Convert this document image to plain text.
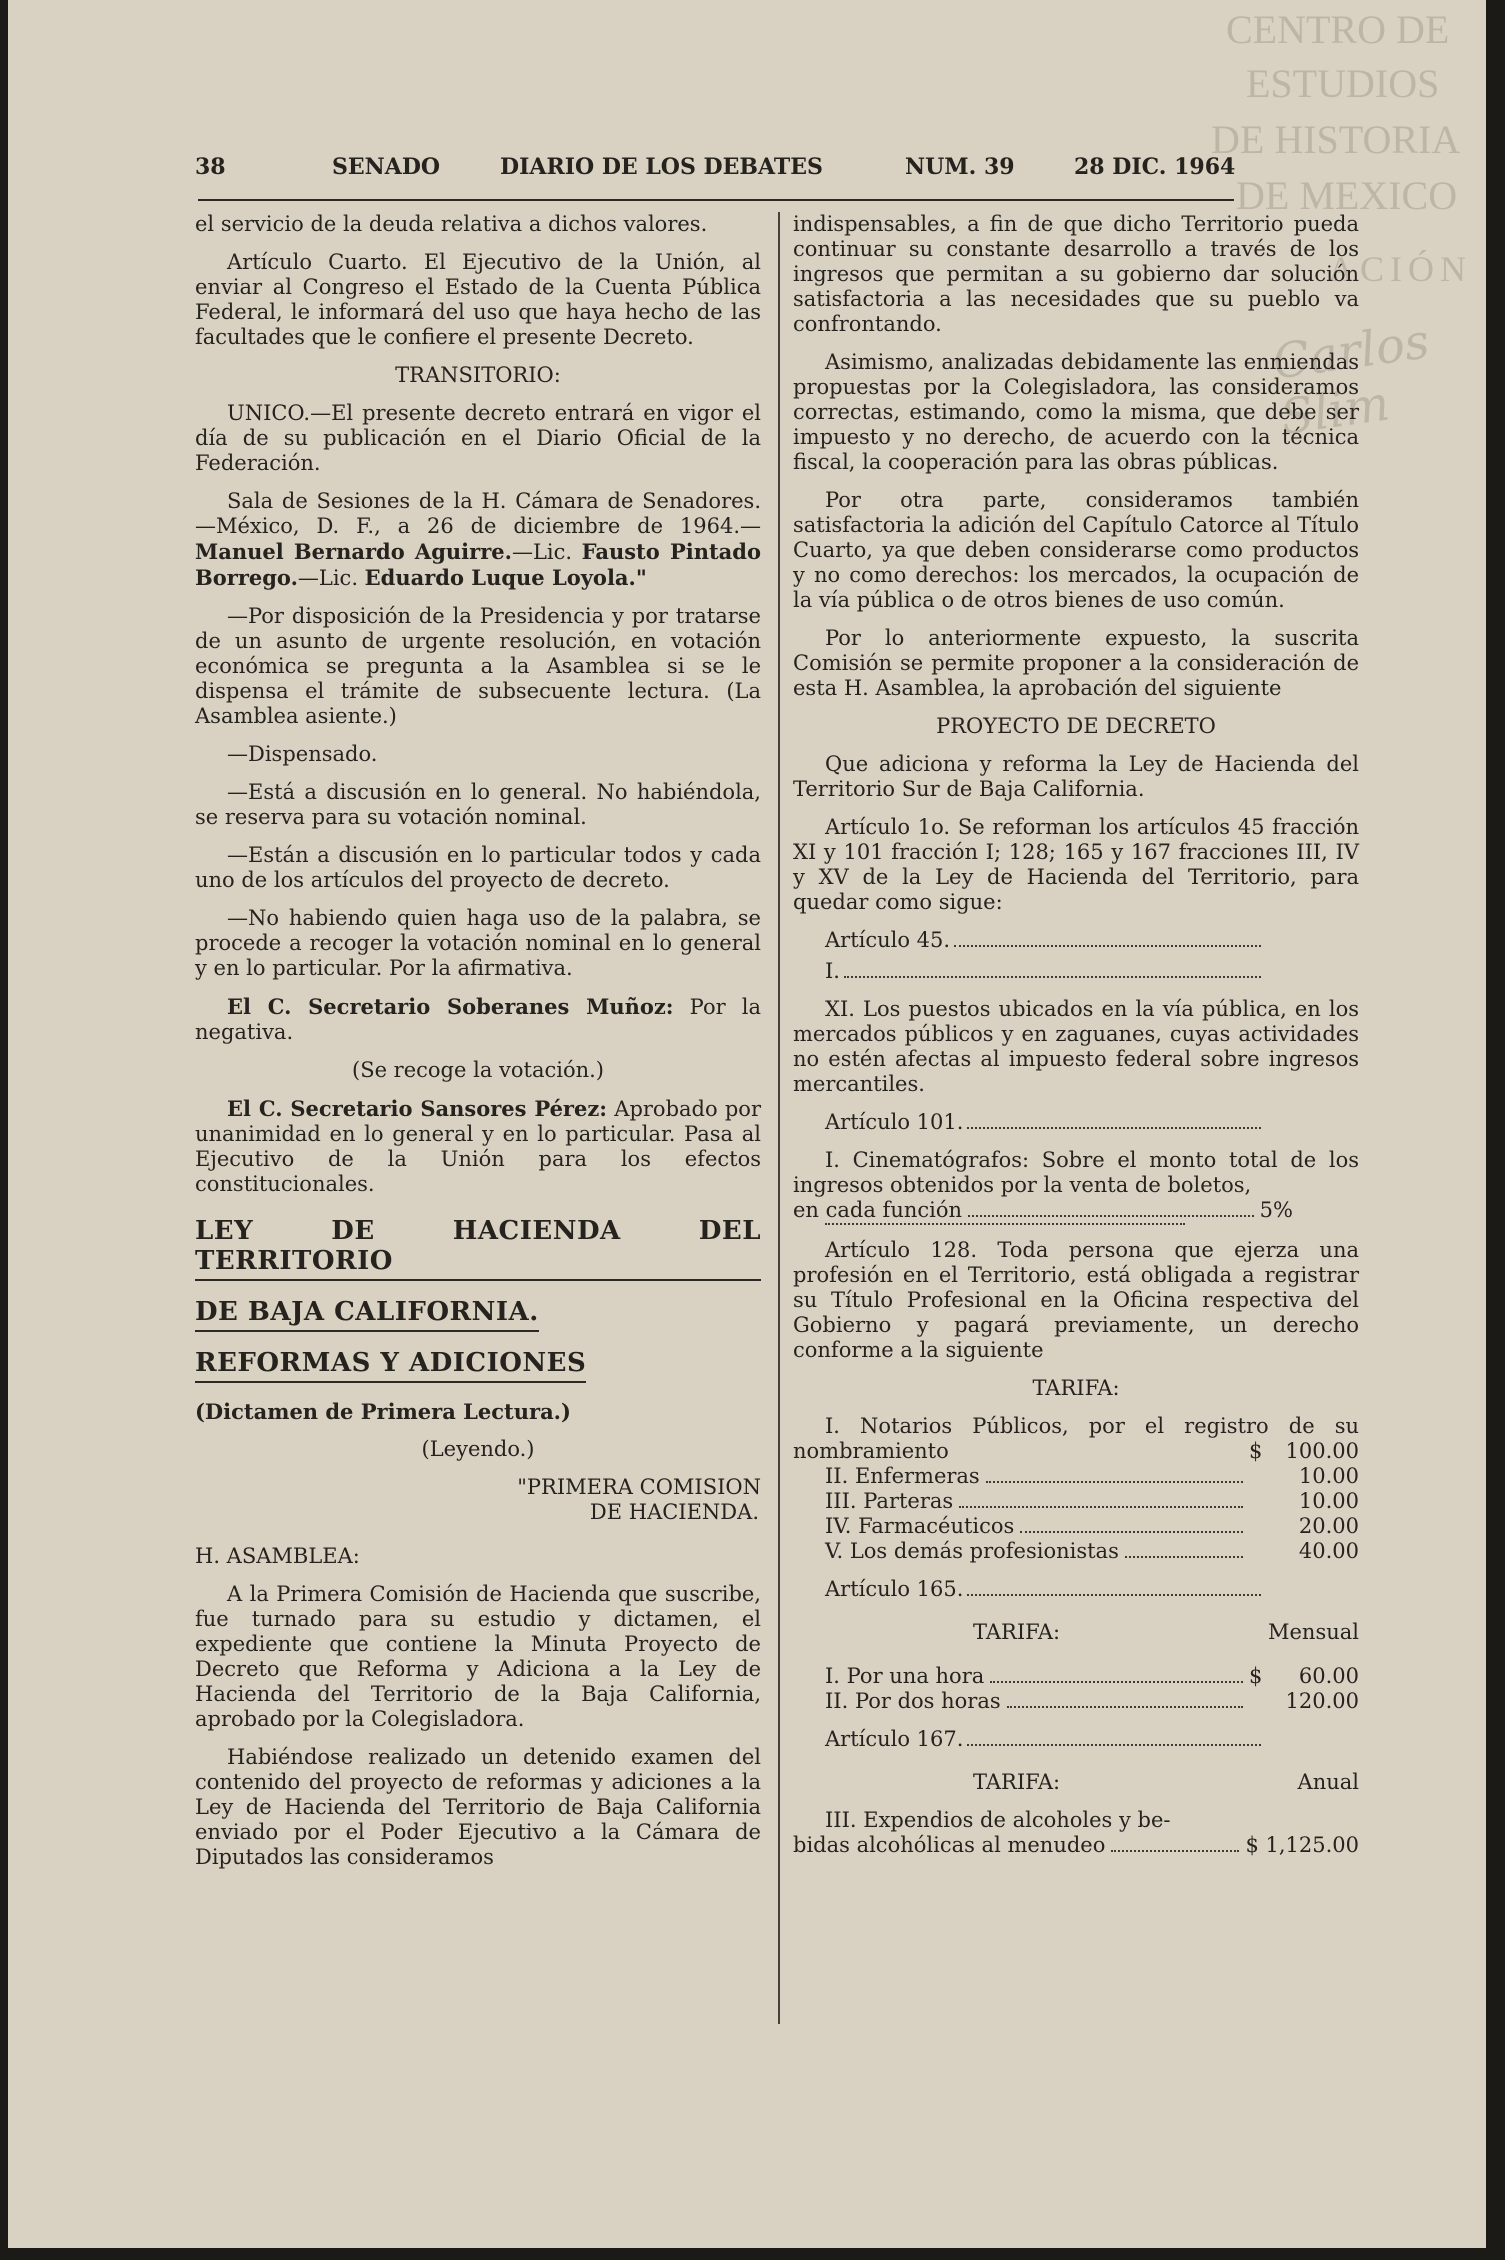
CENTRO DE
ESTUDIOS
DE HISTORIA
DE MEXICO
ACIÓN
Carlos Slim
38	SENADO	DIARIO DE LOS DEBATES	NUM. 39	28 DIC. 1964

el servicio de la deuda relativa a dichos valores.

Artículo Cuarto. El Ejecutivo de la Unión, al enviar al Congreso el Estado de la Cuenta Pública Federal, le informará del uso que haya hecho de las facultades que le confiere el presente Decreto.

TRANSITORIO:

UNICO.—El presente decreto entrará en vigor el día de su publicación en el Diario Oficial de la Federación.

Sala de Sesiones de la H. Cámara de Senadores.—México, D. F., a 26 de diciembre de 1964.—Manuel Bernardo Aguirre.—Lic. Fausto Pintado Borrego.—Lic. Eduardo Luque Loyola."

—Por disposición de la Presidencia y por tratarse de un asunto de urgente resolución, en votación económica se pregunta a la Asamblea si se le dispensa el trámite de subsecuente lectura. (La Asamblea asiente.)

—Dispensado.

—Está a discusión en lo general. No habiéndola, se reserva para su votación nominal.

—Están a discusión en lo particular todos y cada uno de los artículos del proyecto de decreto.

—No habiendo quien haga uso de la palabra, se procede a recoger la votación nominal en lo general y en lo particular. Por la afirmativa.

El C. Secretario Soberanes Muñoz: Por la negativa.

(Se recoge la votación.)

El C. Secretario Sansores Pérez: Aprobado por unanimidad en lo general y en lo particular. Pasa al Ejecutivo de la Unión para los efectos constitucionales.

LEY DE HACIENDA DEL TERRITORIO
DE BAJA CALIFORNIA.
REFORMAS Y ADICIONES
(Dictamen de Primera Lectura.)
(Leyendo.)
"PRIMERA COMISION
DE HACIENDA.

H. ASAMBLEA:

A la Primera Comisión de Hacienda que suscribe, fue turnado para su estudio y dictamen, el expediente que contiene la Minuta Proyecto de Decreto que Reforma y Adiciona a la Ley de Hacienda del Territorio de la Baja California, aprobado por la Colegisladora.

Habiéndose realizado un detenido examen del contenido del proyecto de reformas y adiciones a la Ley de Hacienda del Territorio de Baja California enviado por el Poder Ejecutivo a la Cámara de Diputados las consideramos

indispensables, a fin de que dicho Territorio pueda continuar su constante desarrollo a través de los ingresos que permitan a su gobierno dar solución satisfactoria a las necesidades que su pueblo va confrontando.

Asimismo, analizadas debidamente las enmiendas propuestas por la Colegisladora, las consideramos correctas, estimando, como la misma, que debe ser impuesto y no derecho, de acuerdo con la técnica fiscal, la cooperación para las obras públicas.

Por otra parte, consideramos también satisfactoria la adición del Capítulo Catorce al Título Cuarto, ya que deben considerarse como productos y no como derechos: los mercados, la ocupación de la vía pública o de otros bienes de uso común.

Por lo anteriormente expuesto, la suscrita Comisión se permite proponer a la consideración de esta H. Asamblea, la aprobación del siguiente

PROYECTO DE DECRETO

Que adiciona y reforma la Ley de Hacienda del Territorio Sur de Baja California.

Artículo 1o. Se reforman los artículos 45 fracción XI y 101 fracción I; 128; 165 y 167 fracciones III, IV y XV de la Ley de Hacienda del Territorio, para quedar como sigue:

Artículo 45.
I.

XI. Los puestos ubicados en la vía pública, en los mercados públicos y en zaguanes, cuyas actividades no estén afectas al impuesto federal sobre ingresos mercantiles.

Artículo 101.

I. Cinematógrafos: Sobre el monto total de los ingresos obtenidos por la venta de boletos,

en cada función	5%

Artículo 128. Toda persona que ejerza una profesión en el Territorio, está obligada a registrar su Título Profesional en la Oficina respectiva del Gobierno y pagará previamente, un derecho conforme a la siguiente

TARIFA:

I. Notarios Públicos, por el registro de su nombramiento	$	100.00
II. Enfermeras	10.00
III. Parteras	10.00
IV. Farmacéuticos	20.00
V. Los demás profesionistas	40.00
Artículo 165.
TARIFA:	Mensual
I. Por una hora	$	60.00
II. Por dos horas	120.00
Artículo 167.
TARIFA:	Anual

III. Expendios de alcoholes y be-

bidas alcohólicas al menudeo	$ 1,125.00
